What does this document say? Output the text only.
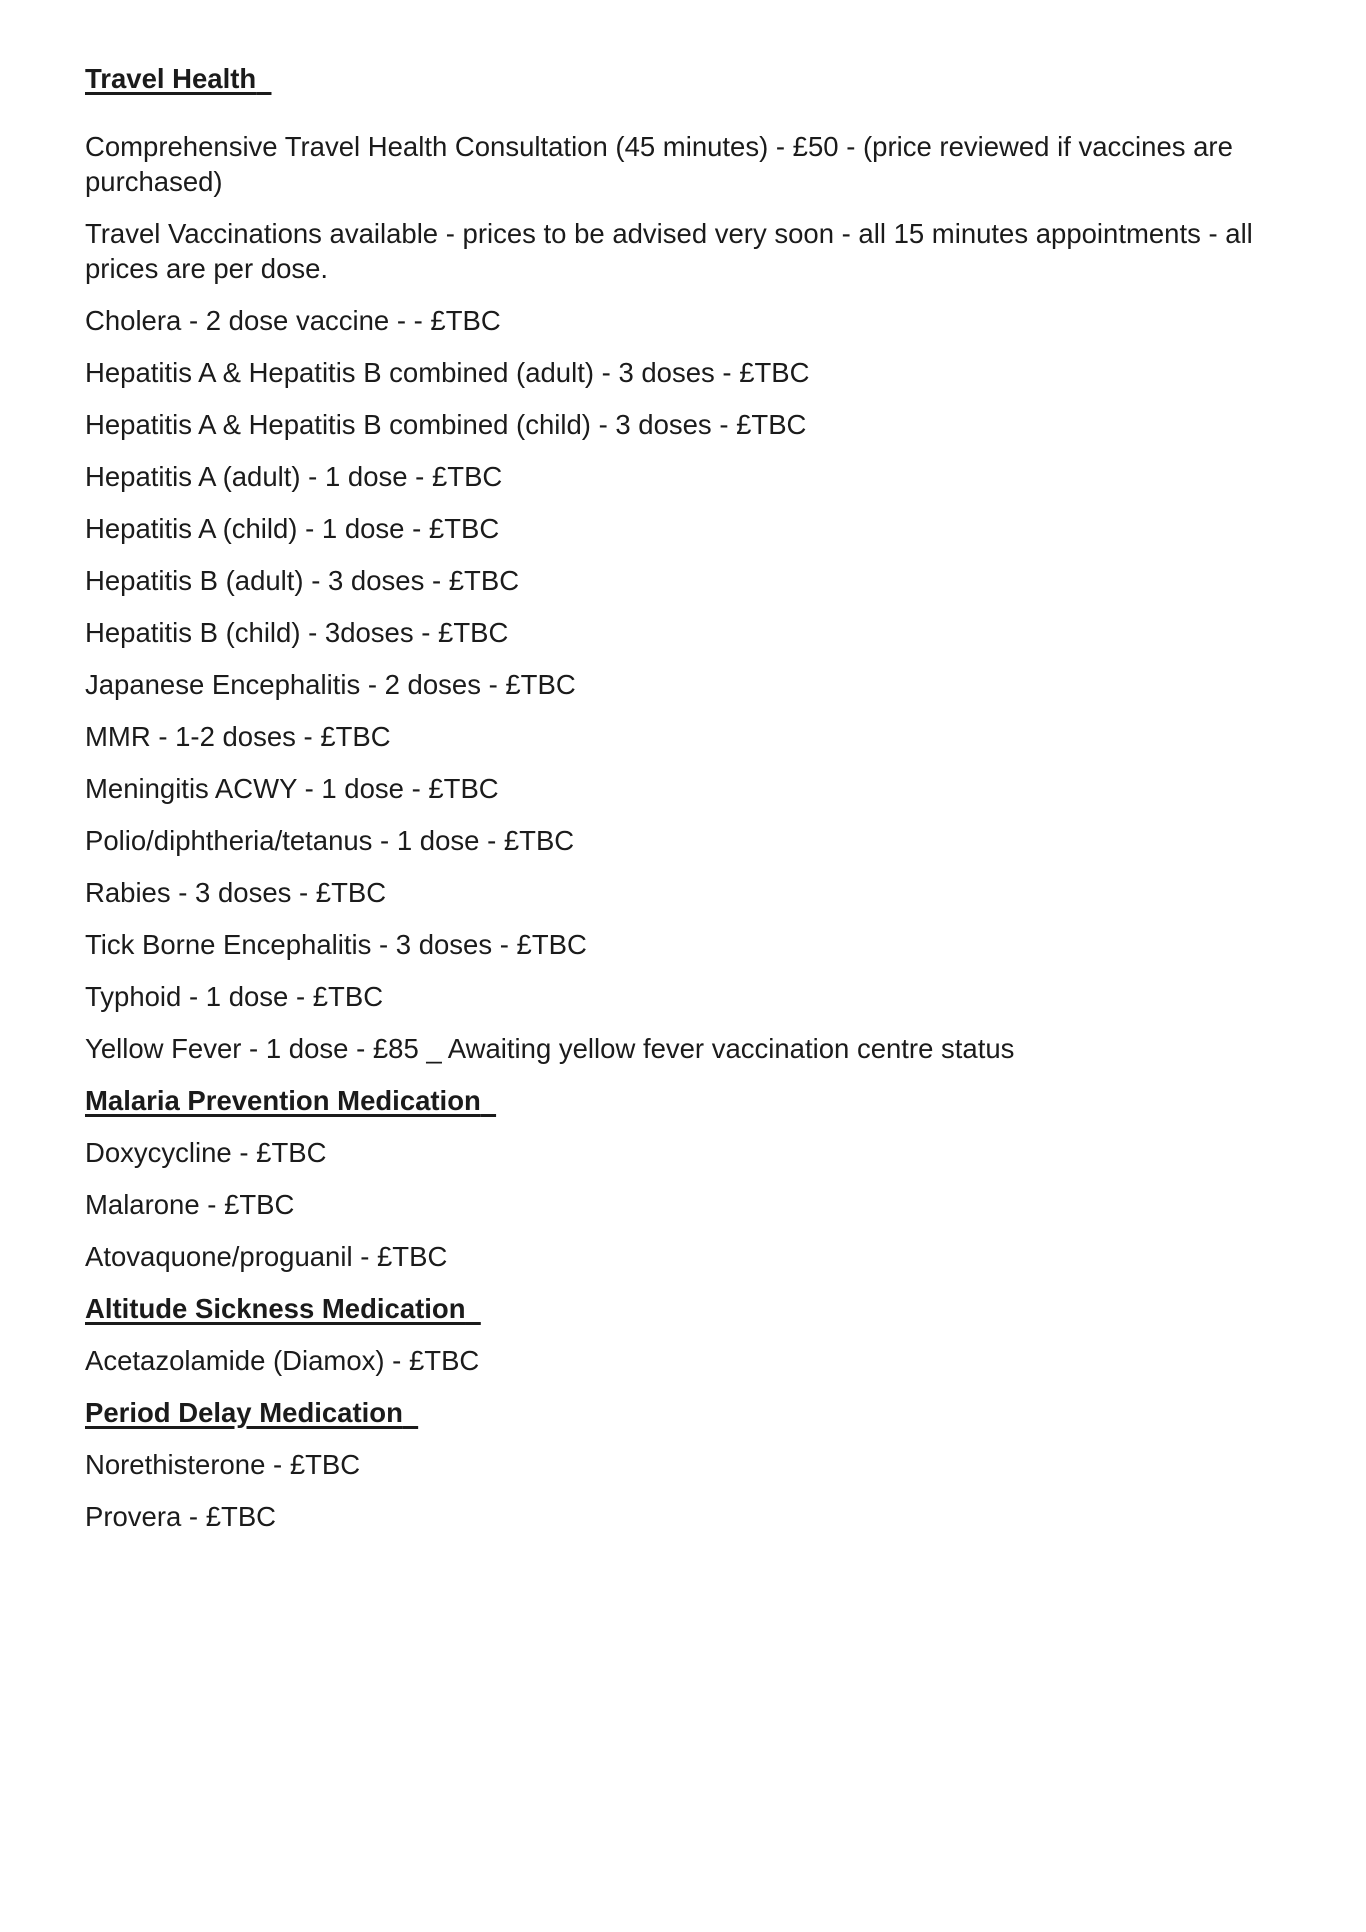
Travel Health

Comprehensive Travel Health Consultation (45 minutes) - £50 - (price reviewed if vaccines are purchased)

Travel Vaccinations available - prices to be advised very soon - all 15 minutes appointments - all prices are per dose.

Cholera - 2 dose vaccine - - £TBC

Hepatitis A & Hepatitis B combined (adult) - 3 doses - £TBC

Hepatitis A & Hepatitis B combined (child) - 3 doses - £TBC

Hepatitis A (adult) - 1 dose - £TBC

Hepatitis A (child) - 1 dose - £TBC

Hepatitis B (adult) - 3 doses - £TBC

Hepatitis B (child) - 3doses - £TBC

Japanese Encephalitis - 2 doses - £TBC

MMR - 1-2 doses - £TBC

Meningitis ACWY - 1 dose - £TBC

Polio/diphtheria/tetanus - 1 dose - £TBC

Rabies - 3 doses - £TBC

Tick Borne Encephalitis - 3 doses - £TBC

Typhoid - 1 dose - £TBC

Yellow Fever - 1 dose - £85 _ Awaiting yellow fever vaccination centre status

Malaria Prevention Medication

Doxycycline - £TBC

Malarone - £TBC

Atovaquone/proguanil - £TBC

Altitude Sickness Medication

Acetazolamide (Diamox) - £TBC

Period Delay Medication

Norethisterone - £TBC

Provera - £TBC
